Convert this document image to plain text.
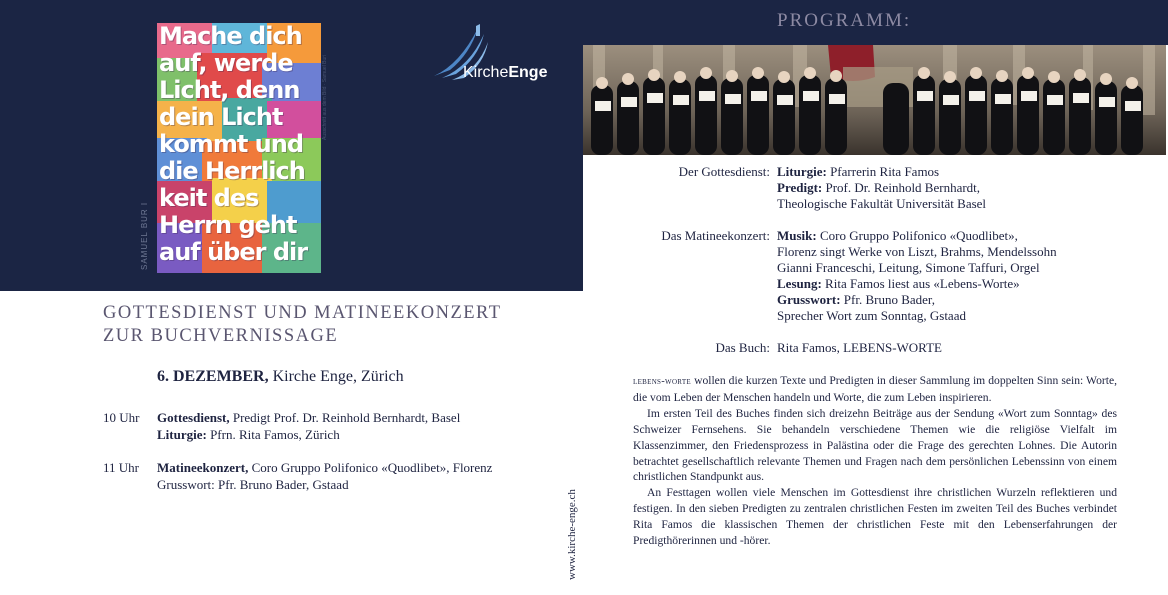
Mache dich
auf, werde
Licht, denn
dein Licht
kommt und
die Herrlich
keit des
Herrn geht
auf über dir
SAMUEL BUR I
Ausschnitt aus dem Bild · Samuel Buri	KircheEnge
PROGRAMM:
GOTTESDIENST UND MATINEEKONZERT
ZUR BUCHVERNISSAGE
6. DEZEMBER, Kirche Enge, Zürich
10 Uhr Gottesdienst, Predigt Prof. Dr. Reinhold Bernhardt, Basel
Liturgie: Pfrn. Rita Famos, Zürich
11 Uhr Matineekonzert, Coro Gruppo Polifonico «Quodlibet», Florenz
Grusswort: Pfr. Bruno Bader, Gstaad
www.kirche-enge.ch
Der Gottesdienst: Liturgie: Pfarrerin Rita Famos
Predigt: Prof. Dr. Reinhold Bernhardt,
Theologische Fakultät Universität Basel
Das Matineekonzert: Musik: Coro Gruppo Polifonico «Quodlibet»,
Florenz singt Werke von Liszt, Brahms, Mendelssohn
Gianni Franceschi, Leitung, Simone Taffuri, Orgel
Lesung: Rita Famos liest aus «Lebens-Worte»
Grusswort: Pfr. Bruno Bader,
Sprecher Wort zum Sonntag, Gstaad
Das Buch: Rita Famos, LEBENS-WORTE

lebens-worte wollen die kurzen Texte und Predigten in dieser Sammlung im doppelten Sinn sein: Worte, die vom Leben der Menschen handeln und Worte, die zum Leben inspirieren.

Im ersten Teil des Buches finden sich dreizehn Beiträge aus der Sendung «Wort zum Sonntag» des Schweizer Fernsehens. Sie behandeln verschiedene Themen wie die religiöse Vielfalt im Klassenzimmer, den Friedensprozess in Palästina oder die Frage des gerechten Lohnes. Die Autorin betrachtet gesellschaftlich relevante Themen und Fragen nach dem persönlichen Lebenssinn von einem christlichen Standpunkt aus.

An Festtagen wollen viele Menschen im Gottesdienst ihre christlichen Wurzeln reflektieren und festigen. In den sieben Predigten zu zentralen christlichen Festen im zweiten Teil des Buches verbindet Rita Famos die klassischen Themen der christlichen Feste mit den Lebenserfahrungen der Predigthörerinnen und -hörer.
